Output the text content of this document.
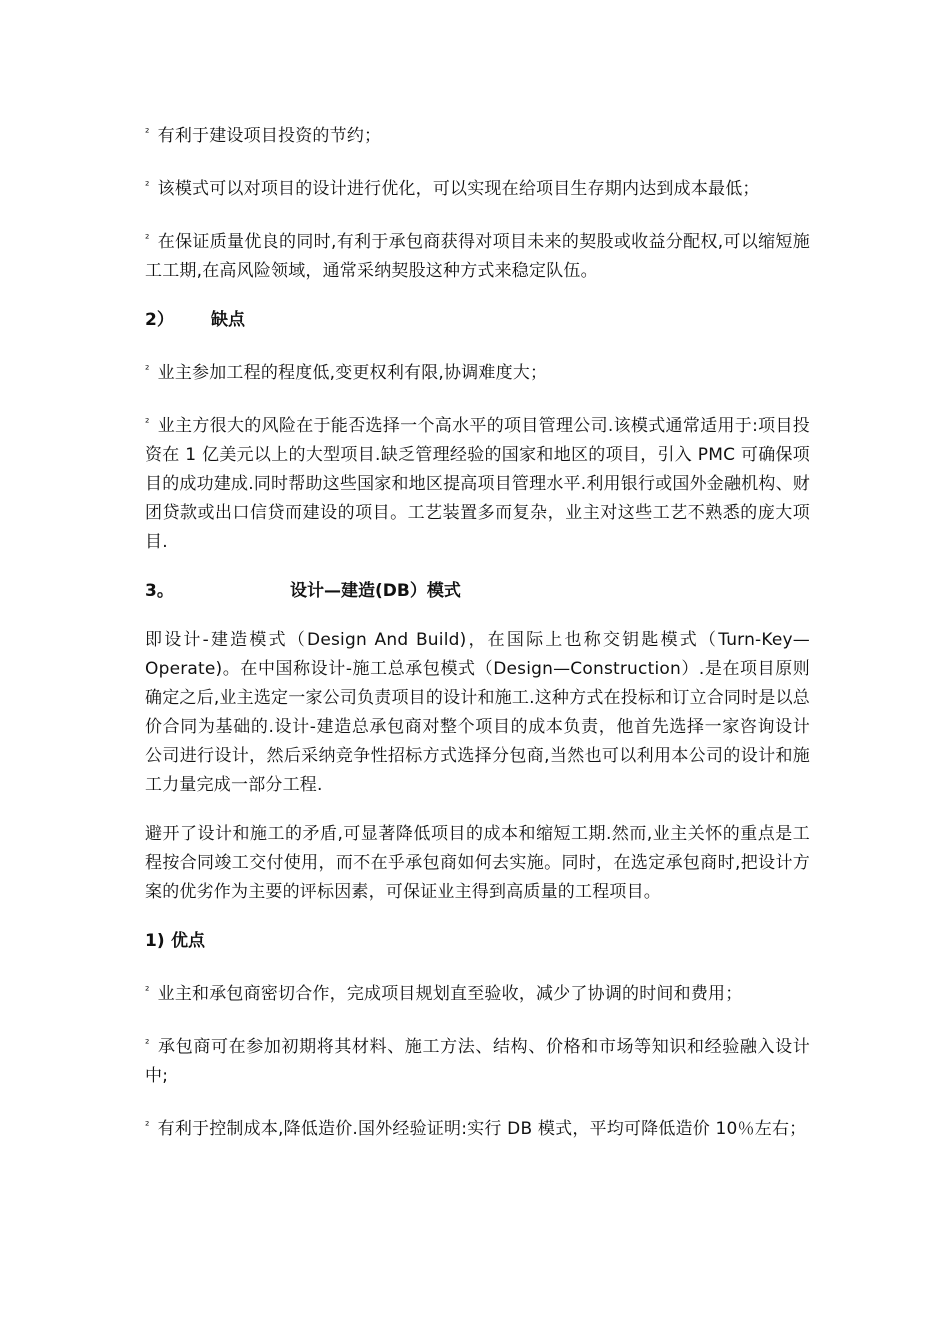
$^{^2}$ 有利于建设项目投资的节约；

$^{^2}$ 该模式可以对项目的设计进行优化，可以实现在给项目生存期内达到成本最低；

$^{^2}$ 在保证质量优良的同时,有利于承包商获得对项目未来的契股或收益分配权,可以缩短施工工期,在高风险领域，通常采纳契股这种方式来稳定队伍。

2） 缺点

$^{^2}$ 业主参加工程的程度低,变更权利有限,协调难度大；

$^{^2}$ 业主方很大的风险在于能否选择一个高水平的项目管理公司.该模式通常适用于:项目投资在 1 亿美元以上的大型项目.缺乏管理经验的国家和地区的项目，引入 PMC 可确保项目的成功建成.同时帮助这些国家和地区提高项目管理水平.利用银行或国外金融机构、财团贷款或出口信贷而建设的项目。工艺装置多而复杂，业主对这些工艺不熟悉的庞大项目.

3。	设计—建造(DB）模式

即设计-建造模式（Design And Build)，在国际上也称交钥匙模式（Turn-Key—Operate)。在中国称设计-施工总承包模式（Design—Construction）.是在项目原则确定之后,业主选定一家公司负责项目的设计和施工.这种方式在投标和订立合同时是以总价合同为基础的.设计-建造总承包商对整个项目的成本负责，他首先选择一家咨询设计公司进行设计，然后采纳竞争性招标方式选择分包商,当然也可以利用本公司的设计和施工力量完成一部分工程.

避开了设计和施工的矛盾,可显著降低项目的成本和缩短工期.然而,业主关怀的重点是工程按合同竣工交付使用，而不在乎承包商如何去实施。同时，在选定承包商时,把设计方案的优劣作为主要的评标因素，可保证业主得到高质量的工程项目。

1) 优点

$^{^2}$ 业主和承包商密切合作，完成项目规划直至验收，减少了协调的时间和费用；

$^{^2}$ 承包商可在参加初期将其材料、施工方法、结构、价格和市场等知识和经验融入设计中;

$^{^2}$ 有利于控制成本,降低造价.国外经验证明:实行 DB 模式，平均可降低造价 10％左右；
